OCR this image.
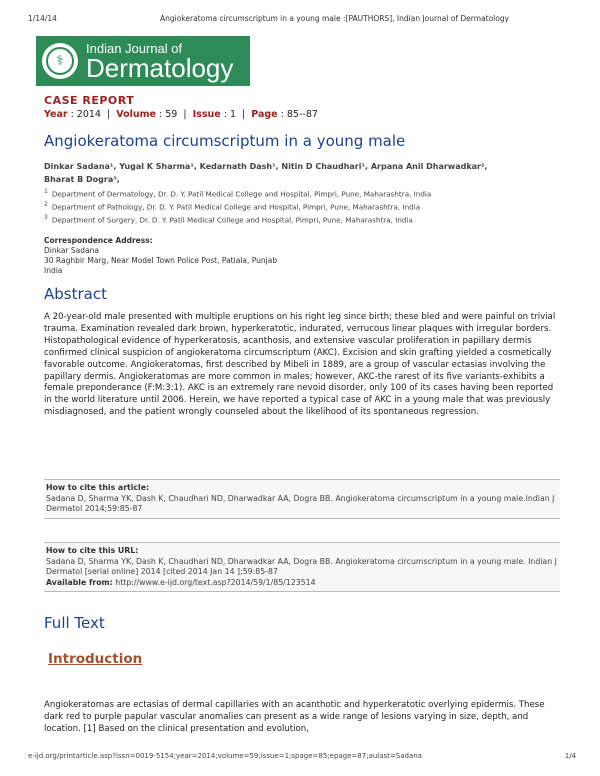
1/14/14	Angiokeratoma circumscriptum in a young male :[PAUTHORS], Indian Journal of Dermatology
⚕
Indian Journal of
Dermatology
CASE REPORT
Year : 2014  |  Volume : 59  |  Issue : 1  |  Page : 85--87
Angiokeratoma circumscriptum in a young male
Dinkar Sadana¹, Yugal K Sharma¹, Kedarnath Dash¹, Nitin D Chaudhari¹, Arpana Anil Dharwadkar²,
Bharat B Dogra³,
$^1$ Department of Dermatology, Dr. D. Y. Patil Medical College and Hospital, Pimpri, Pune, Maharashtra, India
$^2$ Department of Pathology, Dr. D. Y. Patil Medical College and Hospital, Pimpri, Pune, Maharashtra, India
$^3$ Department of Surgery, Dr. D. Y. Patil Medical College and Hospital, Pimpri, Pune, Maharashtra, India
Correspondence Address:
Dinkar Sadana
30 Raghbir Marg, Near Model Town Police Post, Patiala, Punjab
India
Abstract
A 20-year-old male presented with multiple eruptions on his right leg since birth; these bled and were painful on trivial trauma. Examination revealed dark brown, hyperkeratotic, indurated, verrucous linear plaques with irregular borders. Histopathological evidence of hyperkeratosis, acanthosis, and extensive vascular proliferation in papillary dermis confirmed clinical suspicion of angiokeratoma circumscriptum (AKC). Excision and skin grafting yielded a cosmetically favorable outcome. Angiokeratomas, first described by Mibeli in 1889, are a group of vascular ectasias involving the papillary dermis. Angiokeratomas are more common in males; however, AKC-the rarest of its five variants-exhibits a female preponderance (F:M:3:1). AKC is an extremely rare nevoid disorder, only 100 of its cases having been reported in the world literature until 2006. Herein, we have reported a typical case of AKC in a young male that was previously misdiagnosed, and the patient wrongly counseled about the likelihood of its spontaneous regression.
How to cite this article:
Sadana D, Sharma YK, Dash K, Chaudhari ND, Dharwadkar AA, Dogra BB. Angiokeratoma circumscriptum in a young male.Indian J Dermatol 2014;59:85-87
How to cite this URL:
Sadana D, Sharma YK, Dash K, Chaudhari ND, Dharwadkar AA, Dogra BB. Angiokeratoma circumscriptum in a young male. Indian J Dermatol [serial online] 2014 [cited 2014 Jan 14 ];59:85-87
Available from: http://www.e-ijd.org/text.asp?2014/59/1/85/123514
Full Text
Introduction
Angiokeratomas are ectasias of dermal capillaries with an acanthotic and hyperkeratotic overlying epidermis. These dark red to purple papular vascular anomalies can present as a wide range of lesions varying in size, depth, and location. [1] Based on the clinical presentation and evolution,
e-ijd.org/printarticle.asp?issn=0019-5154;year=2014;volume=59;issue=1;spage=85;epage=87;aulast=Sadana	1/4
